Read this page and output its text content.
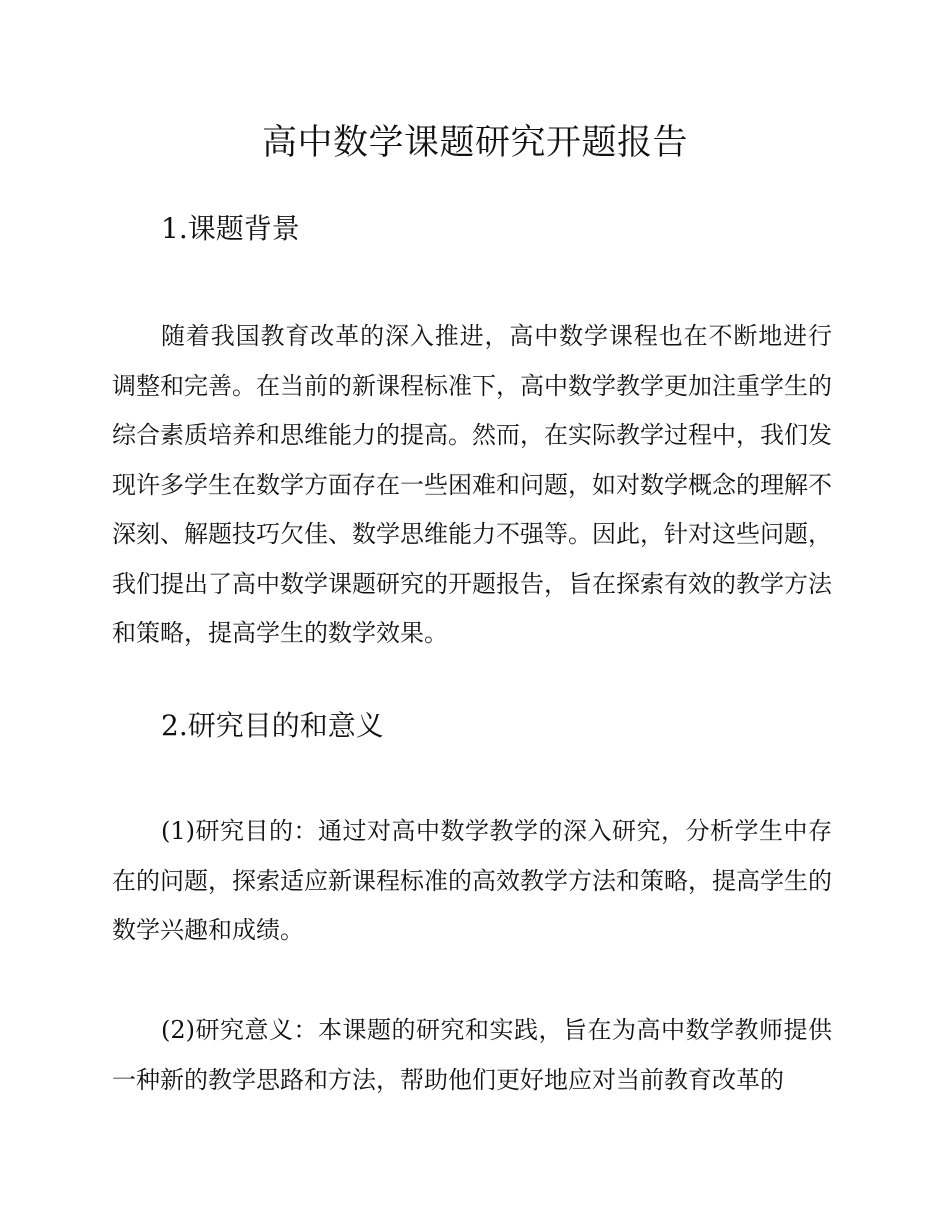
高中数学课题研究开题报告
1.课题背景

随着我国教育改革的深入推进，高中数学课程也在不断地进行调整和完善。在当前的新课程标准下，高中数学教学更加注重学生的综合素质培养和思维能力的提高。然而，在实际教学过程中，我们发现许多学生在数学方面存在一些困难和问题，如对数学概念的理解不深刻、解题技巧欠佳、数学思维能力不强等。因此，针对这些问题，我们提出了高中数学课题研究的开题报告，旨在探索有效的教学方法和策略，提高学生的数学效果。

2.研究目的和意义

(1)研究目的：通过对高中数学教学的深入研究，分析学生中存在的问题，探索适应新课程标准的高效教学方法和策略，提高学生的数学兴趣和成绩。

(2)研究意义：本课题的研究和实践，旨在为高中数学教师提供一种新的教学思路和方法，帮助他们更好地应对当前教育改革的
